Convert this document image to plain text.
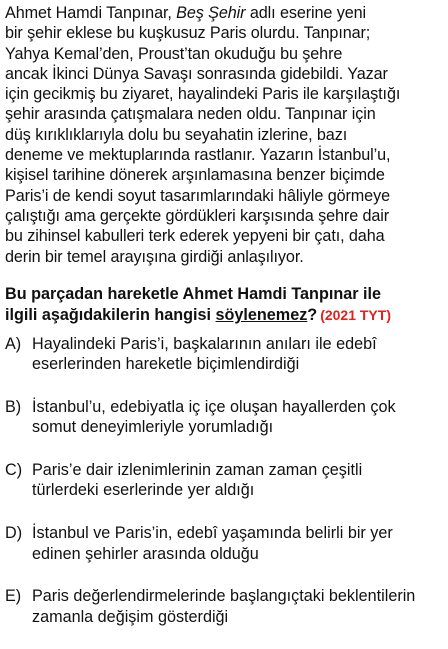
Ahmet Hamdi Tanpınar, Beş Şehir adlı eserine yeni
bir şehir eklese bu kuşkusuz Paris olurdu. Tanpınar;
Yahya Kemal’den, Proust’tan okuduğu bu şehre
ancak İkinci Dünya Savaşı sonrasında gidebildi. Yazar
için gecikmiş bu ziyaret, hayalindeki Paris ile karşılaştığı
şehir arasında çatışmalara neden oldu. Tanpınar için
düş kırıklıklarıyla dolu bu seyahatin izlerine, bazı
deneme ve mektuplarında rastlanır. Yazarın İstanbul’u,
kişisel tarihine dönerek arşınlamasına benzer biçimde
Paris’i de kendi soyut tasarımlarındaki hâliyle görmeye
çalıştığı ama gerçekte gördükleri karşısında şehre dair
bu zihinsel kabulleri terk ederek yepyeni bir çatı, daha
derin bir temel arayışına girdiği anlaşılıyor.
Bu parçadan hareketle Ahmet Hamdi Tanpınar ile
ilgili aşağıdakilerin hangisi söylenemez? (2021 TYT)
A) Hayalindeki Paris’i, başkalarının anıları ile edebî
eserlerinden hareketle biçimlendirdiği
B) İstanbul’u, edebiyatla iç içe oluşan hayallerden çok
somut deneyimleriyle yorumladığı
C) Paris’e dair izlenimlerinin zaman zaman çeşitli
türlerdeki eserlerinde yer aldığı
D) İstanbul ve Paris’in, edebî yaşamında belirli bir yer
edinen şehirler arasında olduğu
E) Paris değerlendirmelerinde başlangıçtaki beklentilerin
zamanla değişim gösterdiği
